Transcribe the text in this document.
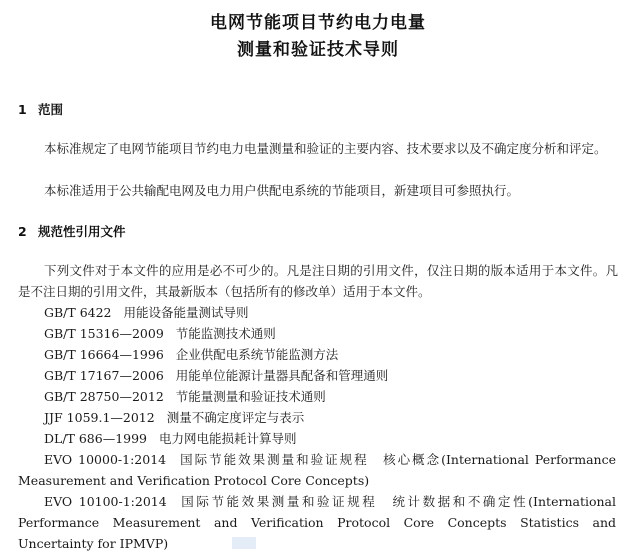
电网节能项目节约电力电量
测量和验证技术导则
1 范围
本标准规定了电网节能项目节约电力电量测量和验证的主要内容、技术要求以及不确定度分析和评定。
本标准适用于公共输配电网及电力用户供配电系统的节能项目，新建项目可参照执行。
2 规范性引用文件
下列文件对于本文件的应用是必不可少的。凡是注日期的引用文件，仅注日期的版本适用于本文件。凡是不注日期的引用文件，其最新版本（包括所有的修改单）适用于本文件。
GB/T 6422 用能设备能量测试导则
GB/T 15316—2009 节能监测技术通则
GB/T 16664—1996 企业供配电系统节能监测方法
GB/T 17167—2006 用能单位能源计量器具配备和管理通则
GB/T 28750—2012 节能量测量和验证技术通则
JJF 1059.1—2012 测量不确定度评定与表示
DL/T 686—1999 电力网电能损耗计算导则
EVO 10000-1:2014 国际节能效果测量和验证规程　核心概念(International Performance Measurement and Verification Protocol Core Concepts)
EVO 10100-1:2014 国际节能效果测量和验证规程　统计数据和不确定性(International Performance Measurement and Verification Protocol Core Concepts Statistics and Uncertainty for IPMVP)
